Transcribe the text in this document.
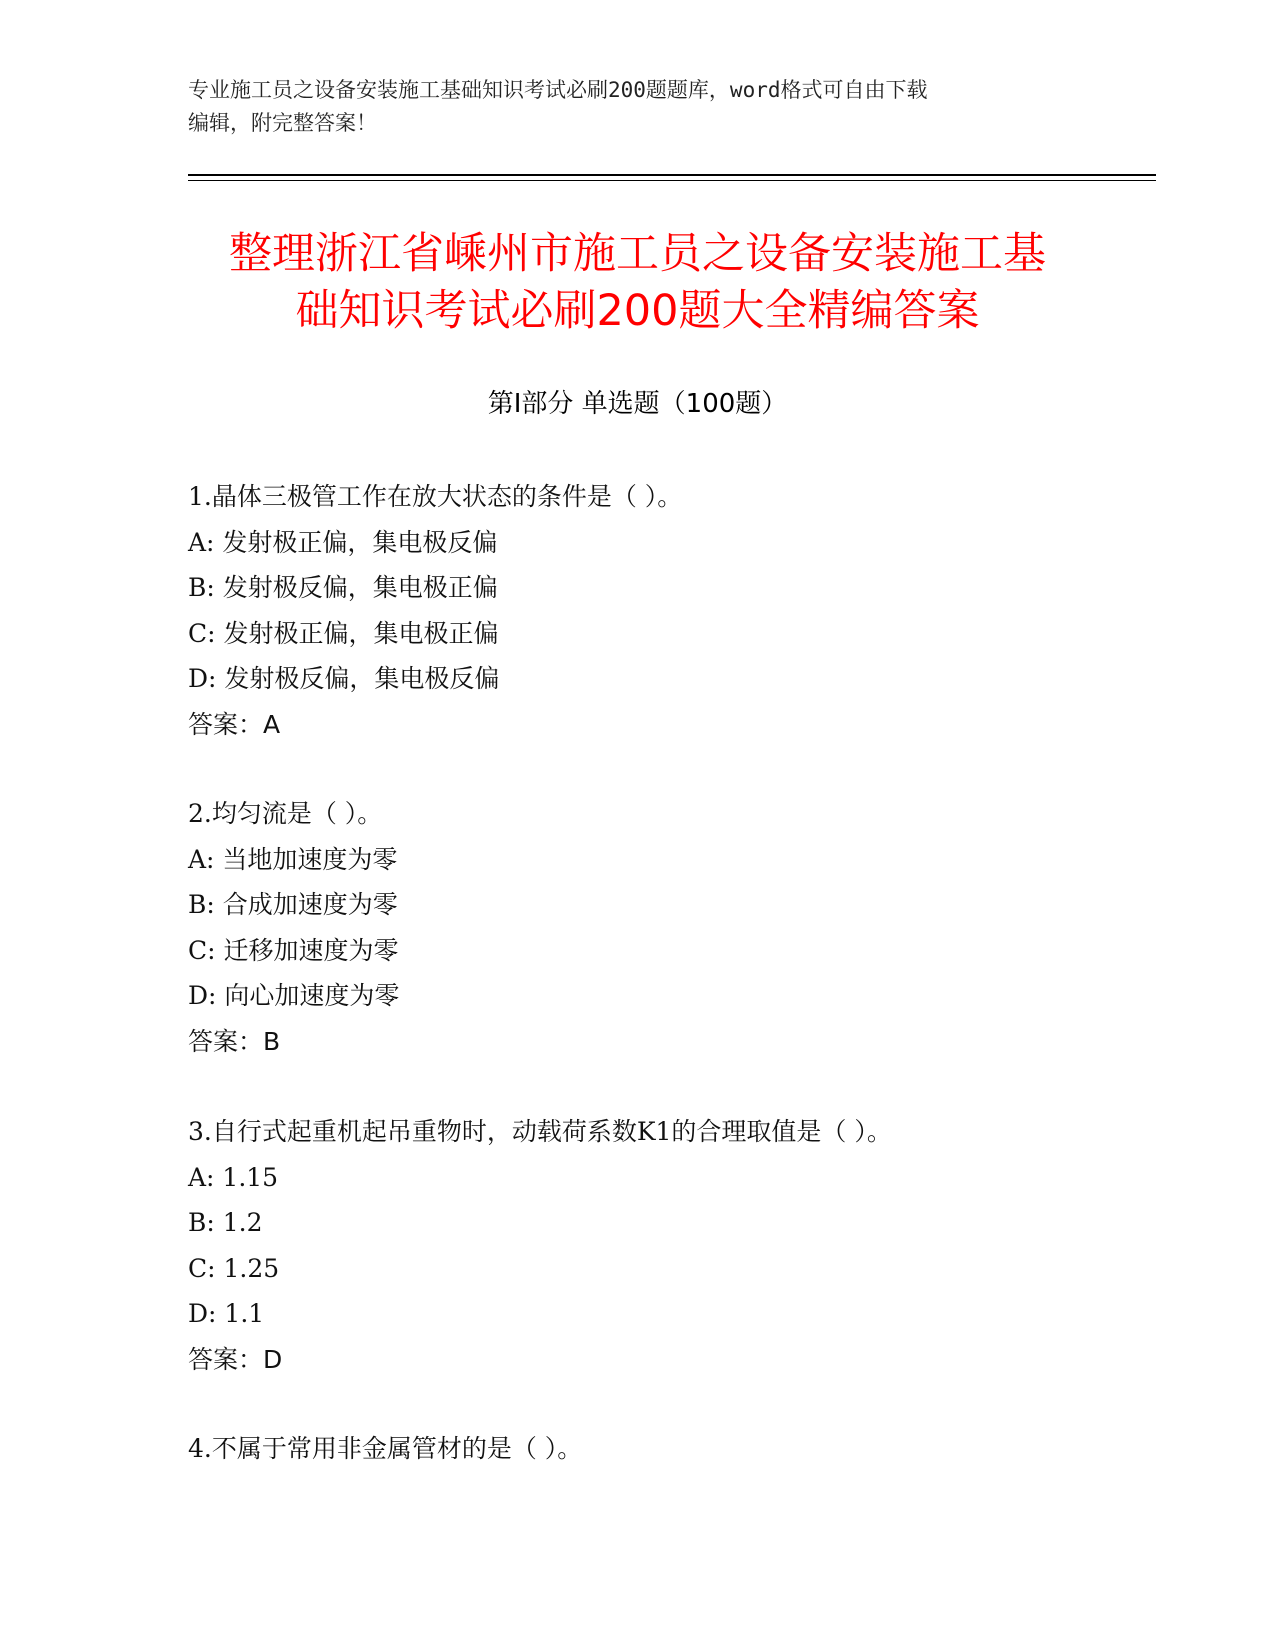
专业施工员之设备安装施工基础知识考试必刷200题题库，word格式可自由下载
编辑，附完整答案！
整理浙江省嵊州市施工员之设备安装施工基
础知识考试必刷200题大全精编答案
第Ⅰ部分 单选题（100题）
1.晶体三极管工作在放大状态的条件是（ ）。
A: 发射极正偏，集电极反偏
B: 发射极反偏，集电极正偏
C: 发射极正偏，集电极正偏
D: 发射极反偏，集电极反偏
答案：A
2.均匀流是（ ）。
A: 当地加速度为零
B: 合成加速度为零
C: 迁移加速度为零
D: 向心加速度为零
答案：B
3.自行式起重机起吊重物时，动载荷系数K1的合理取值是（ ）。
A: 1.15
B: 1.2
C: 1.25
D: 1.1
答案：D
4.不属于常用非金属管材的是（ ）。
